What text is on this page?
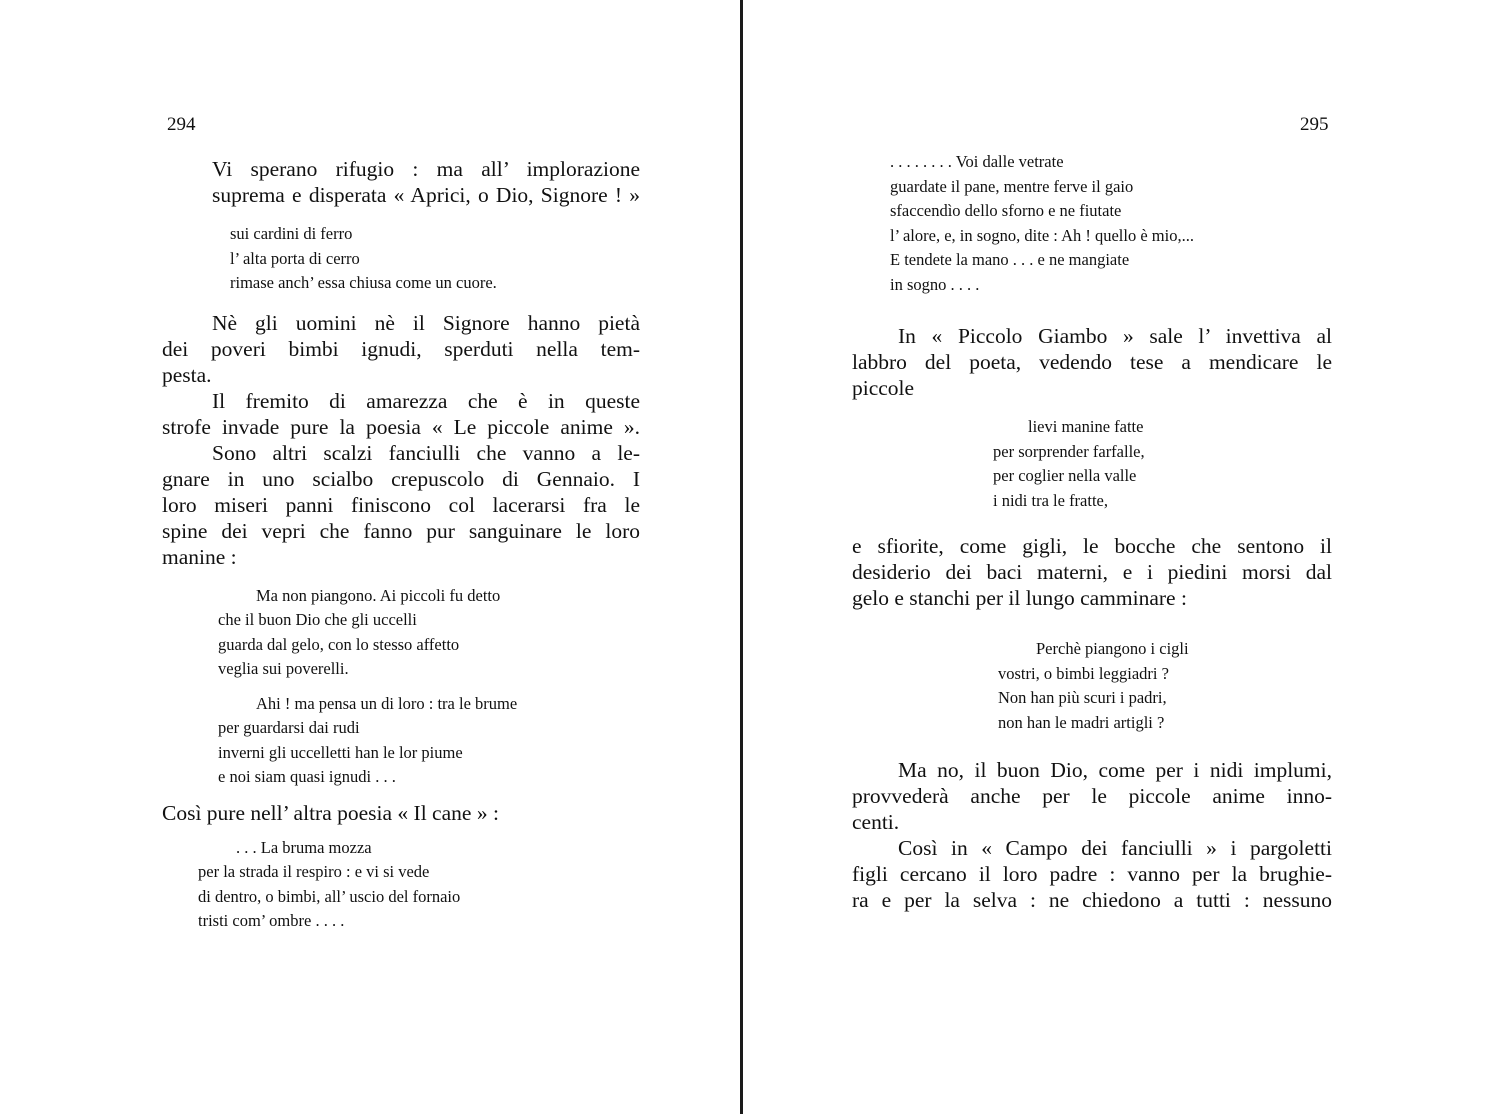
294
Vi sperano rifugio : ma all’ implorazione
suprema e disperata « Aprici, o Dio, Signore ! »
sui cardini di ferro
l’ alta porta di cerro
rimase anch’ essa chiusa come un cuore.
Nè gli uomini nè il Signore hanno pietà
dei poveri bimbi ignudi, sperduti nella tem-
pesta.
Il fremito di amarezza che è in queste
strofe invade pure la poesia « Le piccole anime ».
Sono altri scalzi fanciulli che vanno a le-
gnare in uno scialbo crepuscolo di Gennaio. I
loro miseri panni finiscono col lacerarsi fra le
spine dei vepri che fanno pur sanguinare le loro
manine :
Ma non piangono. Ai piccoli fu detto
che il buon Dio che gli uccelli
guarda dal gelo, con lo stesso affetto
veglia sui poverelli.
Ahi ! ma pensa un di loro : tra le brume
per guardarsi dai rudi
inverni gli uccelletti han le lor piume
e noi siam quasi ignudi . . .
Così pure nell’ altra poesia « Il cane » :
. . . La bruma mozza
per la strada il respiro : e vi si vede
di dentro, o bimbi, all’ uscio del fornaio
tristi com’ ombre . . . .
295
. . . . . . . . Voi dalle vetrate
guardate il pane, mentre ferve il gaio
sfaccendìo dello sforno e ne fiutate
l’ alore, e, in sogno, dite : Ah ! quello è mio,...
E tendete la mano . . . e ne mangiate
in sogno . . . .
In « Piccolo Giambo » sale l’ invettiva al
labbro del poeta, vedendo tese a mendicare le
piccole
lievi manine fatte
per sorprender farfalle,
per coglier nella valle
i nidi tra le fratte,
e sfiorite, come gigli, le bocche che sentono il
desiderio dei baci materni, e i piedini morsi dal
gelo e stanchi per il lungo camminare :
Perchè piangono i cigli
vostri, o bimbi leggiadri ?
Non han più scuri i padri,
non han le madri artigli ?
Ma no, il buon Dio, come per i nidi implumi,
provvederà anche per le piccole anime inno-
centi.
Così in « Campo dei fanciulli » i pargoletti
figli cercano il loro padre : vanno per la brughie-
ra e per la selva : ne chiedono a tutti : nessuno
